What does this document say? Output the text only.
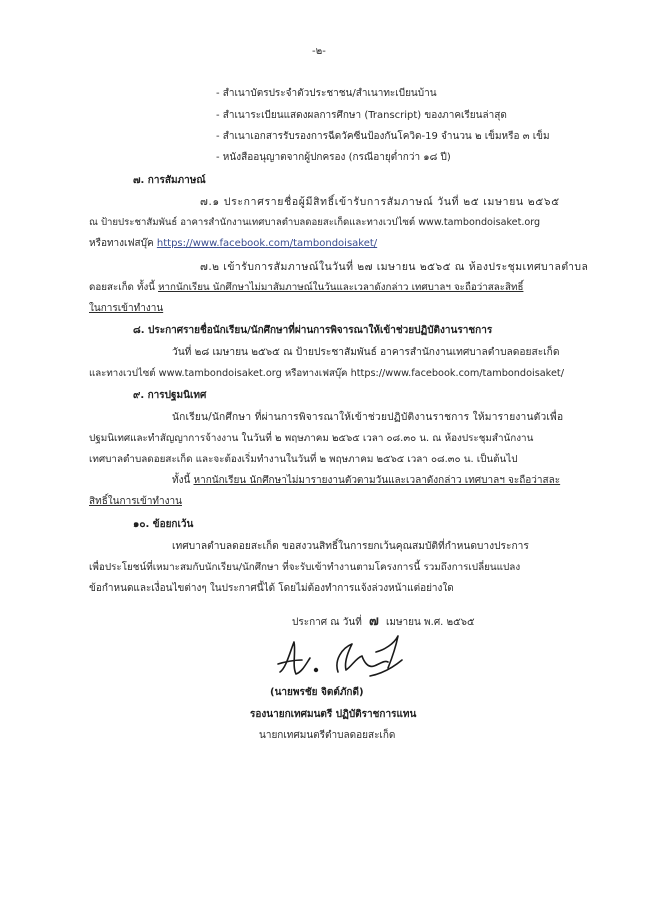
-๒-
- สำเนาบัตรประจำตัวประชาชน/สำเนาทะเบียนบ้าน
- สำเนาระเบียนแสดงผลการศึกษา (Transcript) ของภาคเรียนล่าสุด
- สำเนาเอกสารรับรองการฉีดวัคซีนป้องกันโควิด-19 จำนวน ๒ เข็มหรือ ๓ เข็ม
- หนังสืออนุญาตจากผู้ปกครอง (กรณีอายุต่ำกว่า ๑๘ ปี)
๗. การสัมภาษณ์
๗.๑ ประกาศรายชื่อผู้มีสิทธิ์เข้ารับการสัมภาษณ์ วันที่ ๒๕ เมษายน ๒๕๖๕
ณ ป้ายประชาสัมพันธ์ อาคารสำนักงานเทศบาลตำบลดอยสะเก็ดและทางเวปไซต์ www.tambondoisaket.org
หรือทางเฟสบุ๊ค https://www.facebook.com/tambondoisaket/
๗.๒ เข้ารับการสัมภาษณ์ในวันที่ ๒๗ เมษายน ๒๕๖๕ ณ ห้องประชุมเทศบาลตำบล
ดอยสะเก็ด ทั้งนี้ หากนักเรียน นักศึกษาไม่มาสัมภาษณ์ในวันและเวลาดังกล่าว เทศบาลฯ จะถือว่าสละสิทธิ์
ในการเข้าทำงาน
๘. ประกาศรายชื่อนักเรียน/นักศึกษาที่ผ่านการพิจารณาให้เข้าช่วยปฏิบัติงานราชการ
วันที่ ๒๘ เมษายน ๒๕๖๕ ณ ป้ายประชาสัมพันธ์ อาคารสำนักงานเทศบาลตำบลดอยสะเก็ด
และทางเวปไซต์ www.tambondoisaket.org หรือทางเฟสบุ๊ค https://www.facebook.com/tambondoisaket/
๙. การปฐมนิเทศ
นักเรียน/นักศึกษา ที่ผ่านการพิจารณาให้เข้าช่วยปฏิบัติงานราชการ ให้มารายงานตัวเพื่อ
ปฐมนิเทศและทำสัญญาการจ้างงาน ในวันที่ ๒ พฤษภาคม ๒๕๖๕ เวลา ๐๘.๓๐ น. ณ ห้องประชุมสำนักงาน
เทศบาลตำบลดอยสะเก็ด และจะต้องเริ่มทำงานในวันที่ ๒ พฤษภาคม ๒๕๖๕ เวลา ๐๘.๓๐ น. เป็นต้นไป
ทั้งนี้ หากนักเรียน นักศึกษาไม่มารายงานตัวตามวันและเวลาดังกล่าว เทศบาลฯ จะถือว่าสละ
สิทธิ์ในการเข้าทำงาน
๑๐. ข้อยกเว้น
เทศบาลตำบลดอยสะเก็ด ขอสงวนสิทธิ์ในการยกเว้นคุณสมบัติที่กำหนดบางประการ
เพื่อประโยชน์ที่เหมาะสมกับนักเรียน/นักศึกษา ที่จะรับเข้าทำงานตามโครงการนี้ รวมถึงการเปลี่ยนแปลง
ข้อกำหนดและเงื่อนไขต่างๆ ในประกาศนี้ได้ โดยไม่ต้องทำการแจ้งล่วงหน้าแต่อย่างใด
ประกาศ ณ วันที่ ๗ เมษายน พ.ศ. ๒๕๖๕
(นายพรชัย จิตต์ภักดี)
รองนายกเทศมนตรี ปฏิบัติราชการแทน
นายกเทศมนตรีตำบลดอยสะเก็ด
